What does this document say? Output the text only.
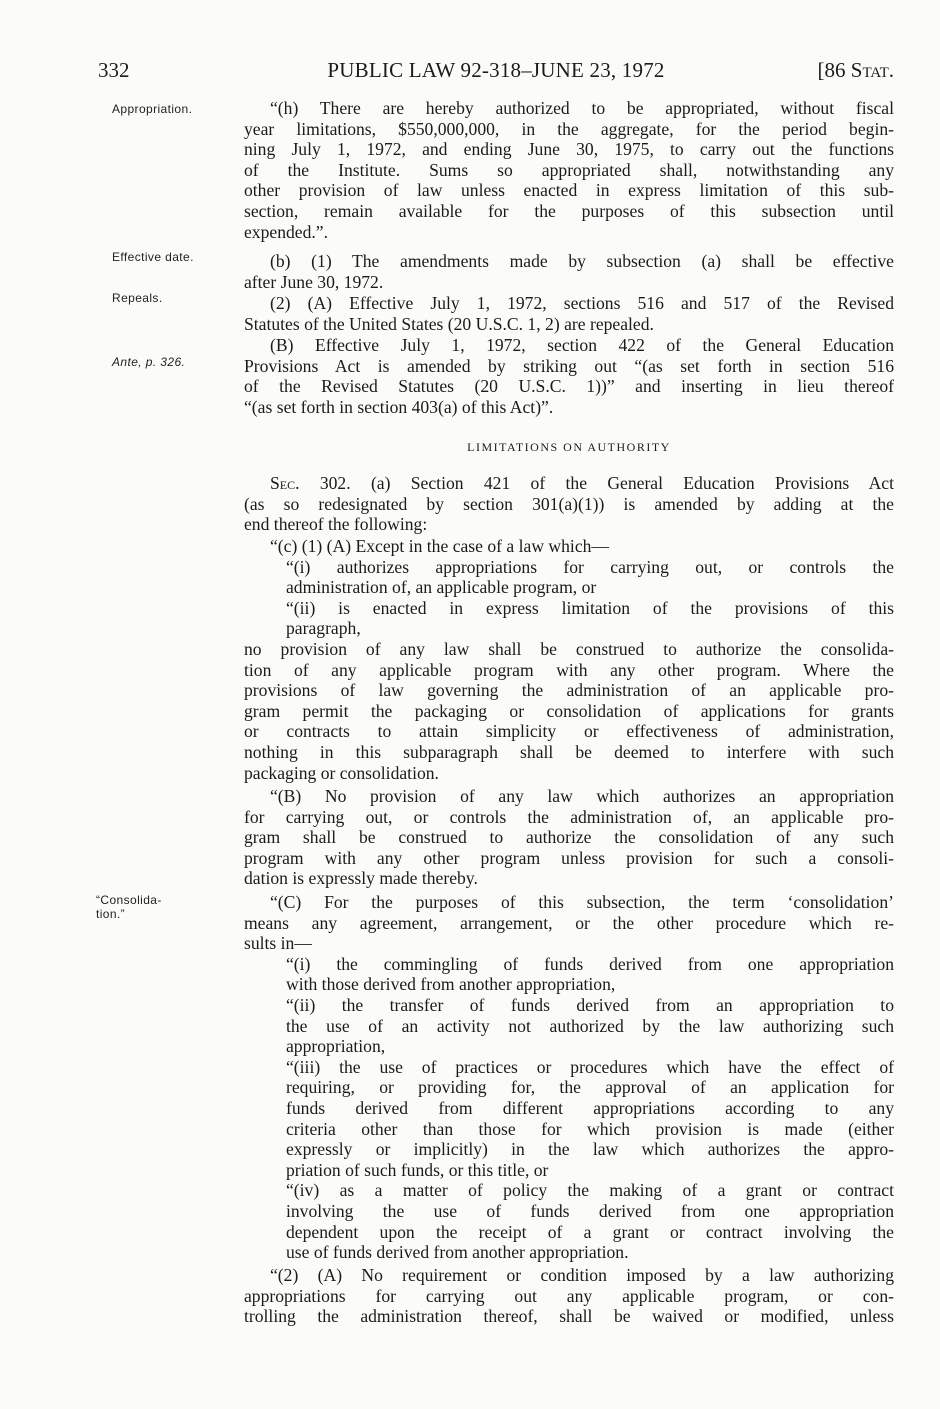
332	PUBLIC LAW 92-318–JUNE 23, 1972	[86 Stat.
Appropriation.
Effective date.
Repeals.
Ante, p. 326.
“Consolida-
tion.”
“(h) There are hereby authorized to be appropriated, without fiscal
year limitations, $550,000,000, in the aggregate, for the period begin-
ning July 1, 1972, and ending June 30, 1975, to carry out the functions
of the Institute. Sums so appropriated shall, notwithstanding any
other provision of law unless enacted in express limitation of this sub-
section, remain available for the purposes of this subsection until
expended.”.
(b) (1) The amendments made by subsection (a) shall be effective
after June 30, 1972.
(2) (A) Effective July 1, 1972, sections 516 and 517 of the Revised
Statutes of the United States (20 U.S.C. 1, 2) are repealed.
(B) Effective July 1, 1972, section 422 of the General Education
Provisions Act is amended by striking out “(as set forth in section 516
of the Revised Statutes (20 U.S.C. 1))” and inserting in lieu thereof
“(as set forth in section 403(a) of this Act)”.
LIMITATIONS ON AUTHORITY
Sec. 302. (a) Section 421 of the General Education Provisions Act
(as so redesignated by section 301(a)(1)) is amended by adding at the
end thereof the following:
“(c) (1) (A) Except in the case of a law which—
“(i) authorizes appropriations for carrying out, or controls the
administration of, an applicable program, or
“(ii) is enacted in express limitation of the provisions of this
paragraph,
no provision of any law shall be construed to authorize the consolida-
tion of any applicable program with any other program. Where the
provisions of law governing the administration of an applicable pro-
gram permit the packaging or consolidation of applications for grants
or contracts to attain simplicity or effectiveness of administration,
nothing in this subparagraph shall be deemed to interfere with such
packaging or consolidation.
“(B) No provision of any law which authorizes an appropriation
for carrying out, or controls the administration of, an applicable pro-
gram shall be construed to authorize the consolidation of any such
program with any other program unless provision for such a consoli-
dation is expressly made thereby.
“(C) For the purposes of this subsection, the term ‘consolidation’
means any agreement, arrangement, or the other procedure which re-
sults in—
“(i) the commingling of funds derived from one appropriation
with those derived from another appropriation,
“(ii) the transfer of funds derived from an appropriation to
the use of an activity not authorized by the law authorizing such
appropriation,
“(iii) the use of practices or procedures which have the effect of
requiring, or providing for, the approval of an application for
funds derived from different appropriations according to any
criteria other than those for which provision is made (either
expressly or implicitly) in the law which authorizes the appro-
priation of such funds, or this title, or
“(iv) as a matter of policy the making of a grant or contract
involving the use of funds derived from one appropriation
dependent upon the receipt of a grant or contract involving the
use of funds derived from another appropriation.
“(2) (A) No requirement or condition imposed by a law authorizing
appropriations for carrying out any applicable program, or con-
trolling the administration thereof, shall be waived or modified, unless
